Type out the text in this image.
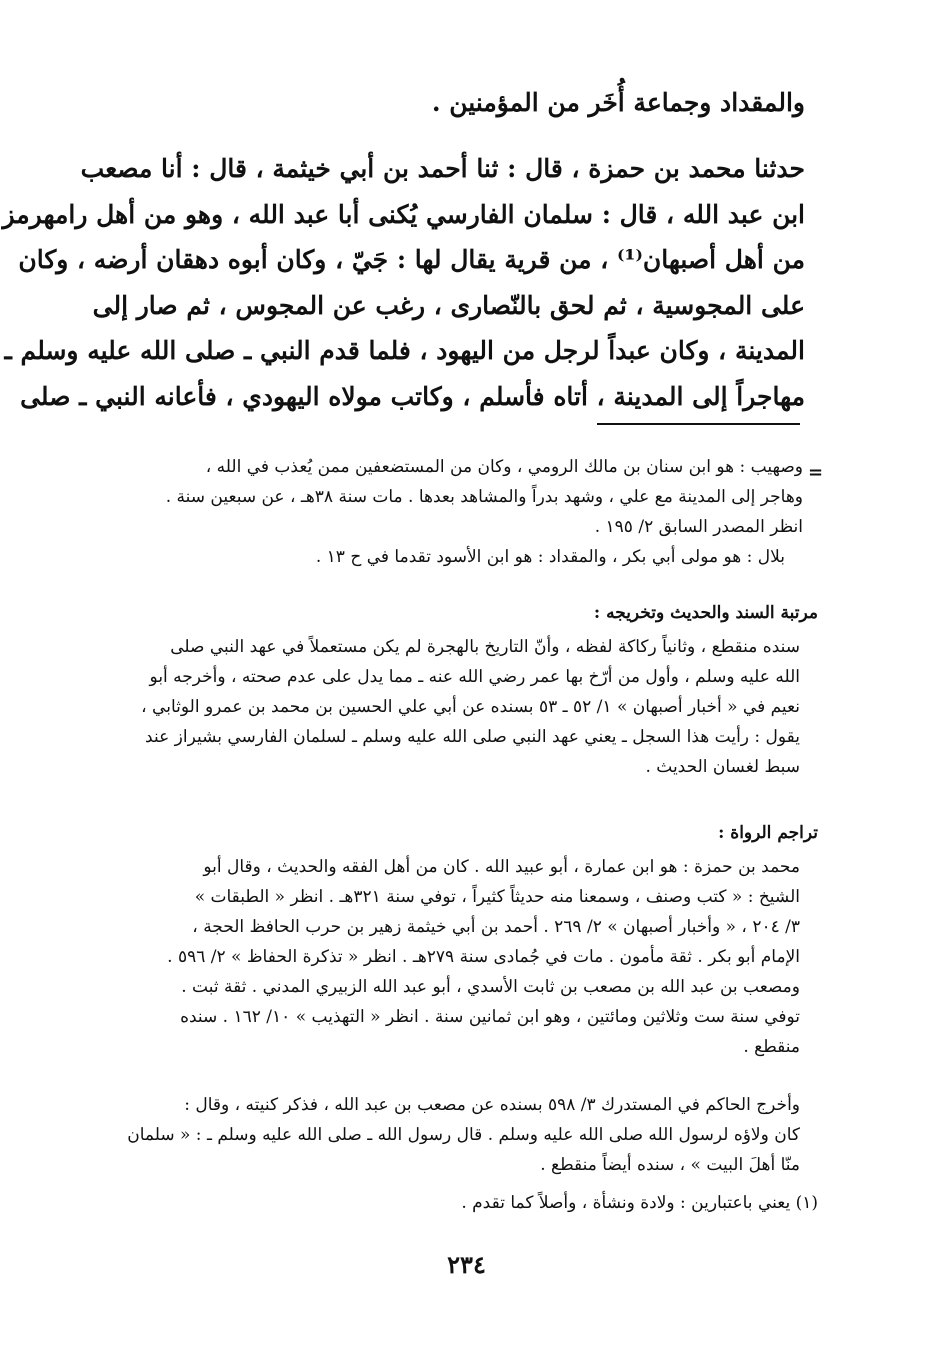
والمقداد وجماعة أُخَر من المؤمنين .

حدثنا محمد بن حمزة ، قال : ثنا أحمد بن أبي خيثمة ، قال : أنا مصعب

ابن عبد الله ، قال : سلمان الفارسي يُكنى أبا عبد الله ، وهو من أهل رامهرمز

من أهل أصبهان⁽¹⁾ ، من قرية يقال لها : جَيّ ، وكان أبوه دهقان أرضه ، وكان

على المجوسية ، ثم لحق بالنّصارى ، رغب عن المجوس ، ثم صار إلى

المدينة ، وكان عبداً لرجل من اليهود ، فلما قدم النبي ـ صلى الله عليه وسلم ـ

مهاجراً إلى المدينة ، أتاه فأسلم ، وكاتب مولاه اليهودي ، فأعانه النبي ـ صلى

=
وصهيب : هو ابن سنان بن مالك الرومي ، وكان من المستضعفين ممن يُعذب في الله ،
وهاجر إلى المدينة مع علي ، وشهد بدراً والمشاهد بعدها . مات سنة ٣٨هـ ، عن سبعين سنة .
انظر المصدر السابق ٢/ ١٩٥ .
بلال : هو مولى أبي بكر ، والمقداد : هو ابن الأسود تقدما في ح ١٣ .
مرتبة السند والحديث وتخريجه :
سنده منقطع ، وثانياً ركاكة لفظه ، وأنّ التاريخ بالهجرة لم يكن مستعملاً في عهد النبي صلى
الله عليه وسلم ، وأول من أرّخ بها عمر رضي الله عنه ـ مما يدل على عدم صحته ، وأخرجه أبو
نعيم في « أخبار أصبهان » ١/ ٥٢ ـ ٥٣ بسنده عن أبي علي الحسين بن محمد بن عمرو الوثابي ،
يقول : رأيت هذا السجل ـ يعني عهد النبي صلى الله عليه وسلم ـ لسلمان الفارسي بشيراز عند
سبط لغسان الحديث .
تراجم الرواة :
محمد بن حمزة : هو ابن عمارة ، أبو عبيد الله . كان من أهل الفقه والحديث ، وقال أبو
الشيخ : « كتب وصنف ، وسمعنا منه حديثاً كثيراً ، توفي سنة ٣٢١هـ . انظر « الطبقات »
٣/ ٢٠٤ ، « وأخبار أصبهان » ٢/ ٢٦٩ . أحمد بن أبي خيثمة زهير بن حرب الحافظ الحجة ،
الإمام أبو بكر . ثقة مأمون . مات في جُمادى سنة ٢٧٩هـ . انظر « تذكرة الحفاظ » ٢/ ٥٩٦ .
ومصعب بن عبد الله بن مصعب بن ثابت الأسدي ، أبو عبد الله الزبيري المدني . ثقة ثبت .
توفي سنة ست وثلاثين ومائتين ، وهو ابن ثمانين سنة . انظر « التهذيب » ١٠/ ١٦٢ . سنده
منقطع .
وأخرج الحاكم في المستدرك ٣/ ٥٩٨ بسنده عن مصعب بن عبد الله ، فذكر كنيته ، وقال :
كان ولاؤه لرسول الله صلى الله عليه وسلم . قال رسول الله ـ صلى الله عليه وسلم ـ : « سلمان
منّا أهلَ البيت » ، سنده أيضاً منقطع .
(١) يعني باعتبارين : ولادة ونشأة ، وأصلاً كما تقدم .
٢٣٤
